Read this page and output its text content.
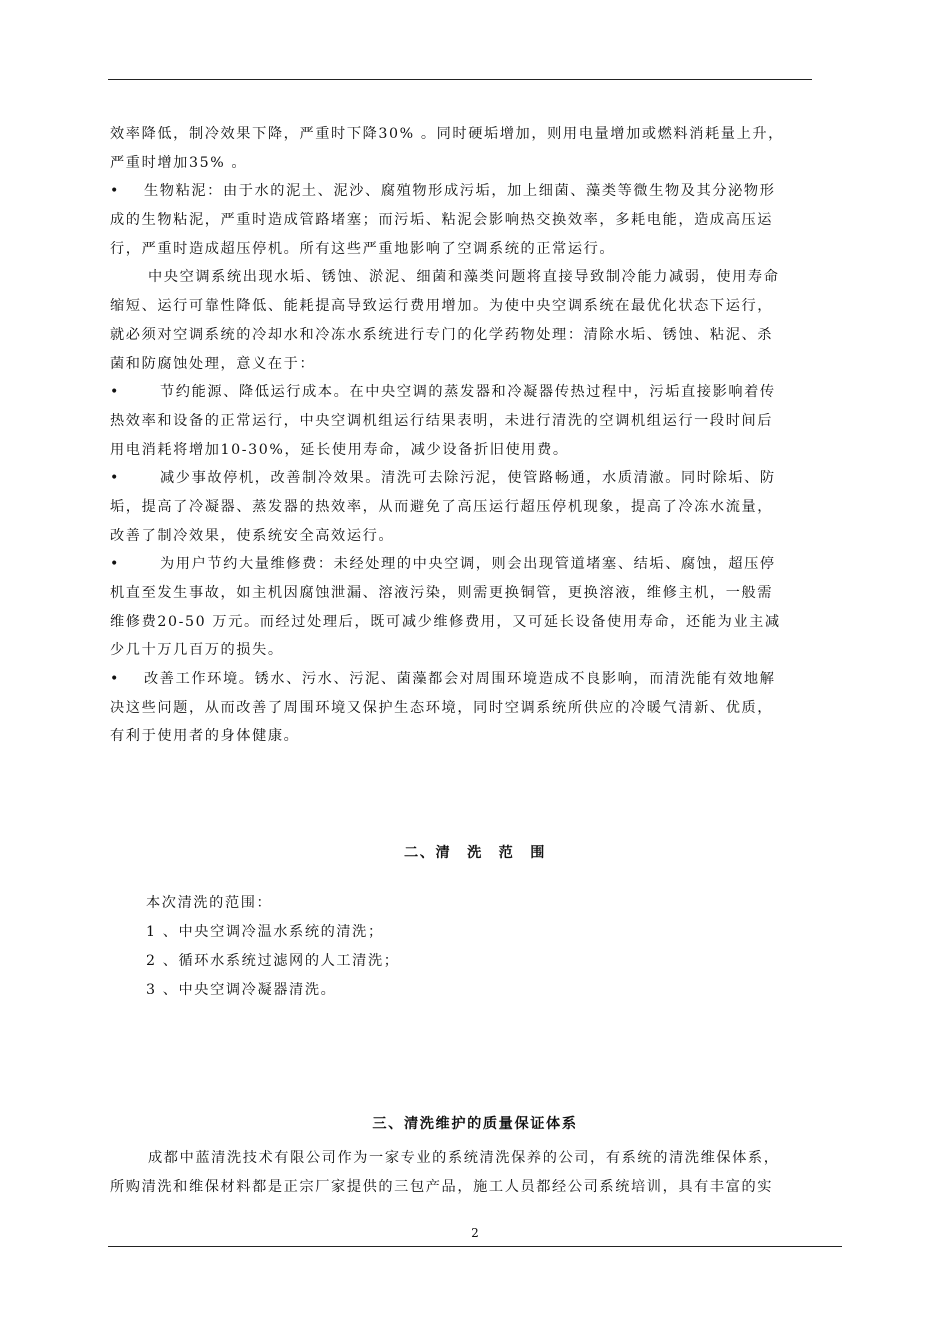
效率降低，制冷效果下降，严重时下降30% 。同时硬垢增加，则用电量增加或燃料消耗量上升，
严重时增加35% 。
• 生物粘泥：由于水的泥土、泥沙、腐殖物形成污垢，加上细菌、藻类等微生物及其分泌物形
成的生物粘泥，严重时造成管路堵塞；而污垢、粘泥会影响热交换效率，多耗电能，造成高压运
行，严重时造成超压停机。所有这些严重地影响了空调系统的正常运行。
中央空调系统出现水垢、锈蚀、淤泥、细菌和藻类问题将直接导致制冷能力减弱，使用寿命
缩短、运行可靠性降低、能耗提高导致运行费用增加。为使中央空调系统在最优化状态下运行，
就必须对空调系统的冷却水和冷冻水系统进行专门的化学药物处理：清除水垢、锈蚀、粘泥、杀
菌和防腐蚀处理，意义在于：
•	节约能源、降低运行成本。在中央空调的蒸发器和冷凝器传热过程中，污垢直接影响着传
热效率和设备的正常运行，中央空调机组运行结果表明，未进行清洗的空调机组运行一段时间后
用电消耗将增加10-30%，延长使用寿命，减少设备折旧使用费。
•	减少事故停机，改善制冷效果。清洗可去除污泥，使管路畅通，水质清澈。同时除垢、防
垢，提高了冷凝器、蒸发器的热效率，从而避免了高压运行超压停机现象，提高了冷冻水流量，
改善了制冷效果，使系统安全高效运行。
•	为用户节约大量维修费：未经处理的中央空调，则会出现管道堵塞、结垢、腐蚀，超压停
机直至发生事故，如主机因腐蚀泄漏、溶液污染，则需更换铜管，更换溶液，维修主机，一般需
维修费20-50 万元。而经过处理后，既可减少维修费用，又可延长设备使用寿命，还能为业主减
少几十万几百万的损失。
• 改善工作环境。锈水、污水、污泥、菌藻都会对周围环境造成不良影响，而清洗能有效地解
决这些问题，从而改善了周围环境又保护生态环境，同时空调系统所供应的冷暖气清新、优质，
有利于使用者的身体健康。
二、清　洗　范　围
本次清洗的范围：
1 、中央空调冷温水系统的清洗；
2 、循环水系统过滤网的人工清洗；
3 、中央空调冷凝器清洗。
三、清洗维护的质量保证体系
成都中蓝清洗技术有限公司作为一家专业的系统清洗保养的公司，有系统的清洗维保体系，
所购清洗和维保材料都是正宗厂家提供的三包产品，施工人员都经公司系统培训，具有丰富的实
2
